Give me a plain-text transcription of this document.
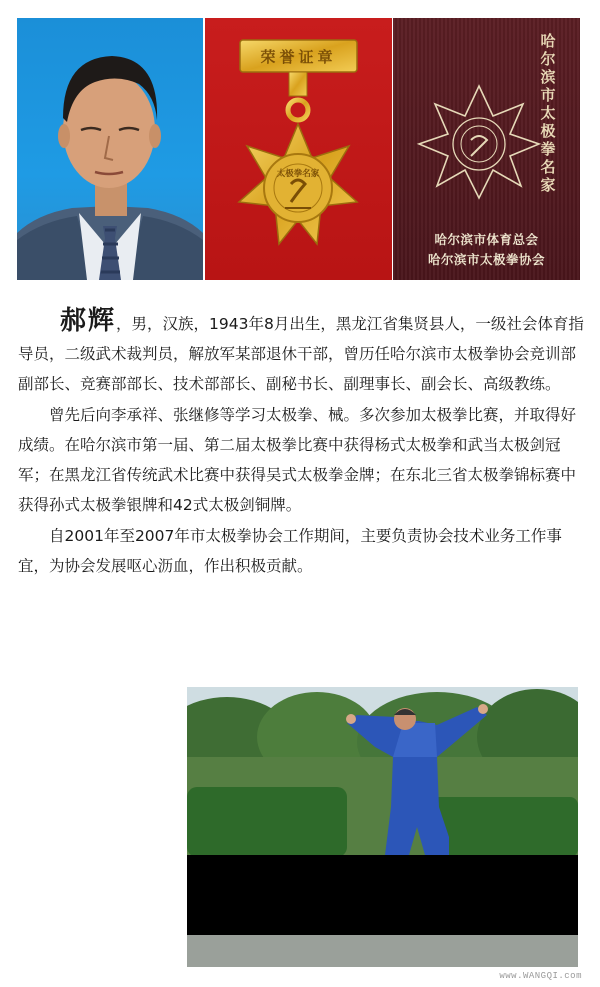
荣誉证章
太极拳名家
哈尔滨市太极拳名家
哈尔滨市体育总会
哈尔滨市太极拳协会

郝辉，男，汉族，1943年8月出生，黑龙江省集贤县人，一级社会体育指导员，二级武术裁判员，解放军某部退休干部，曾历任哈尔滨市太极拳协会竞训部副部长、竞赛部部长、技术部部长、副秘书长、副理事长、副会长、高级教练。

曾先后向李承祥、张继修等学习太极拳、械。多次参加太极拳比赛，并取得好成绩。在哈尔滨市第一届、第二届太极拳比赛中获得杨式太极拳和武当太极剑冠军；在黑龙江省传统武术比赛中获得吴式太极拳金牌；在东北三省太极拳锦标赛中获得孙式太极拳银牌和42式太极剑铜牌。

自2001年至2007年市太极拳协会工作期间，主要负责协会技术业务工作事宜，为协会发展呕心沥血，作出积极贡献。

www.WANGQI.com
